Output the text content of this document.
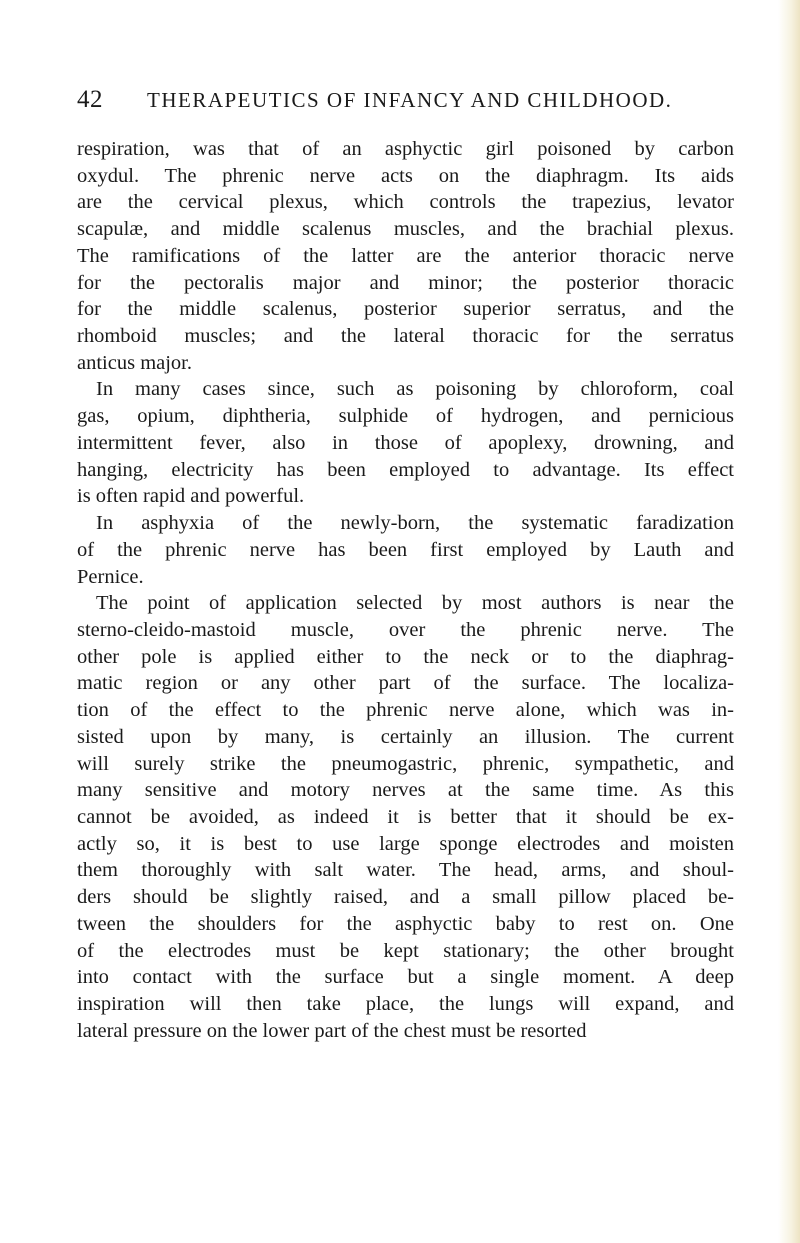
42 THERAPEUTICS OF INFANCY AND CHILDHOOD.
respiration, was that of an asphyctic girl poisoned by carbon
oxydul. The phrenic nerve acts on the diaphragm. Its aids
are the cervical plexus, which controls the trapezius, levator
scapulæ, and middle scalenus muscles, and the brachial plexus.
The ramifications of the latter are the anterior thoracic nerve
for the pectoralis major and minor; the posterior thoracic
for the middle scalenus, posterior superior serratus, and the
rhomboid muscles; and the lateral thoracic for the serratus
anticus major.
In many cases since, such as poisoning by chloroform, coal
gas, opium, diphtheria, sulphide of hydrogen, and pernicious
intermittent fever, also in those of apoplexy, drowning, and
hanging, electricity has been employed to advantage. Its effect
is often rapid and powerful.
In asphyxia of the newly-born, the systematic faradization
of the phrenic nerve has been first employed by Lauth and
Pernice.
The point of application selected by most authors is near the
sterno-cleido-mastoid muscle, over the phrenic nerve. The
other pole is applied either to the neck or to the diaphrag-
matic region or any other part of the surface. The localiza-
tion of the effect to the phrenic nerve alone, which was in-
sisted upon by many, is certainly an illusion. The current
will surely strike the pneumogastric, phrenic, sympathetic, and
many sensitive and motory nerves at the same time. As this
cannot be avoided, as indeed it is better that it should be ex-
actly so, it is best to use large sponge electrodes and moisten
them thoroughly with salt water. The head, arms, and shoul-
ders should be slightly raised, and a small pillow placed be-
tween the shoulders for the asphyctic baby to rest on. One
of the electrodes must be kept stationary; the other brought
into contact with the surface but a single moment. A deep
inspiration will then take place, the lungs will expand, and
lateral pressure on the lower part of the chest must be resorted
